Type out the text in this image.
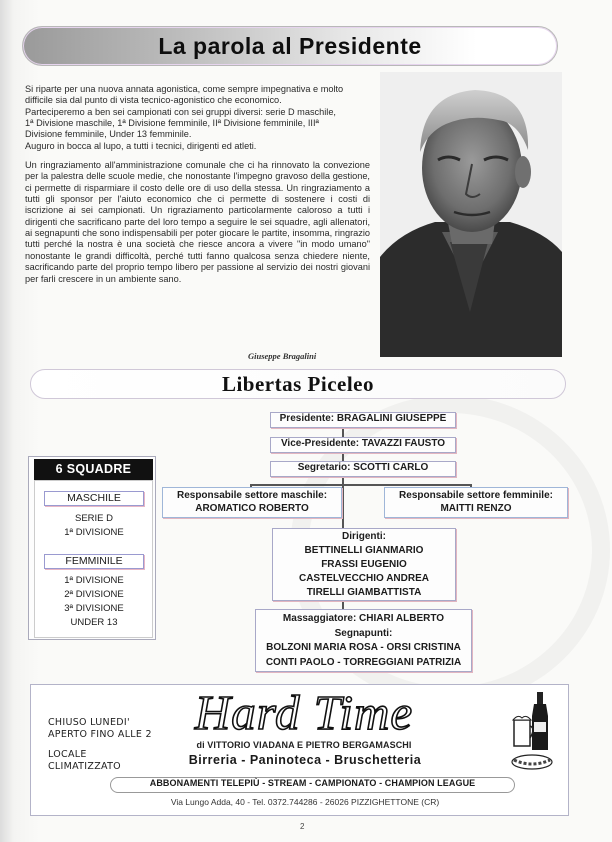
La parola al Presidente

Si riparte per una nuova annata agonistica, come sempre impegnativa e molto

difficile sia dal punto di vista tecnico-agonistico che economico.

Parteciperemo a ben sei campionati con sei gruppi diversi: serie D maschile,

1ª Divisione maschile, 1ª Divisione femminile, IIª Divisione femminile, IIIª

Divisione femminile, Under 13 femminile.

Auguro in bocca al lupo, a tutti i tecnici, dirigenti ed atleti.

Un ringraziamento all'amministrazione comunale che ci ha rinnovato la convezione per la palestra delle scuole medie, che nonostante l'impegno gravoso della gestione, ci permette di risparmiare il costo delle ore di uso della stessa. Un ringraziamento a tutti gli sponsor per l'aiuto economico che ci permette di sostenere i costi di iscrizione ai sei campionati. Un rigraziamento particolarmente caloroso a tutti i dirigenti che sacrificano parte del loro tempo a seguire le sei squadre, agli allenatori, ai segnapunti che sono indispensabili per poter giocare le partite, insomma, ringrazio tutti perché la nostra è una società che riesce ancora a vivere "in modo umano" nonostante le grandi difficoltà, perché tutti fanno qualcosa senza chiedere niente, sacrificando parte del proprio tempo libero per passione al servizio dei nostri giovani per farli crescere in un ambiente sano.

Giuseppe Bragalini
Libertas Piceleo
Presidente: BRAGALINI GIUSEPPE
Vice-Presidente: TAVAZZI FAUSTO
Segretario: SCOTTI CARLO
Responsabile settore maschile:
AROMATICO ROBERTO
Responsabile settore femminile:
MAITTI RENZO
Dirigenti:
BETTINELLI GIANMARIO
FRASSI EUGENIO
CASTELVECCHIO ANDREA
TIRELLI GIAMBATTISTA
Massaggiatore: CHIARI ALBERTO
Segnapunti:
BOLZONI MARIA ROSA - ORSI CRISTINA
CONTI PAOLO - TORREGGIANI PATRIZIA
6 SQUADRE
MASCHILE
SERIE D
1ª DIVISIONE
FEMMINILE
1ª DIVISIONE
2ª DIVISIONE
3ª DIVISIONE
UNDER 13
CHIUSO LUNEDI'
APERTO FINO ALLE 2
LOCALE
CLIMATIZZATO
Hard Time
di VITTORIO VIADANA E PIETRO BERGAMASCHI
Birreria - Paninoteca - Bruschetteria
ABBONAMENTI TELEPIÙ - STREAM - CAMPIONATO - CHAMPION LEAGUE
Via Lungo Adda, 40 - Tel. 0372.744286 - 26026 PIZZIGHETTONE (CR)
2
